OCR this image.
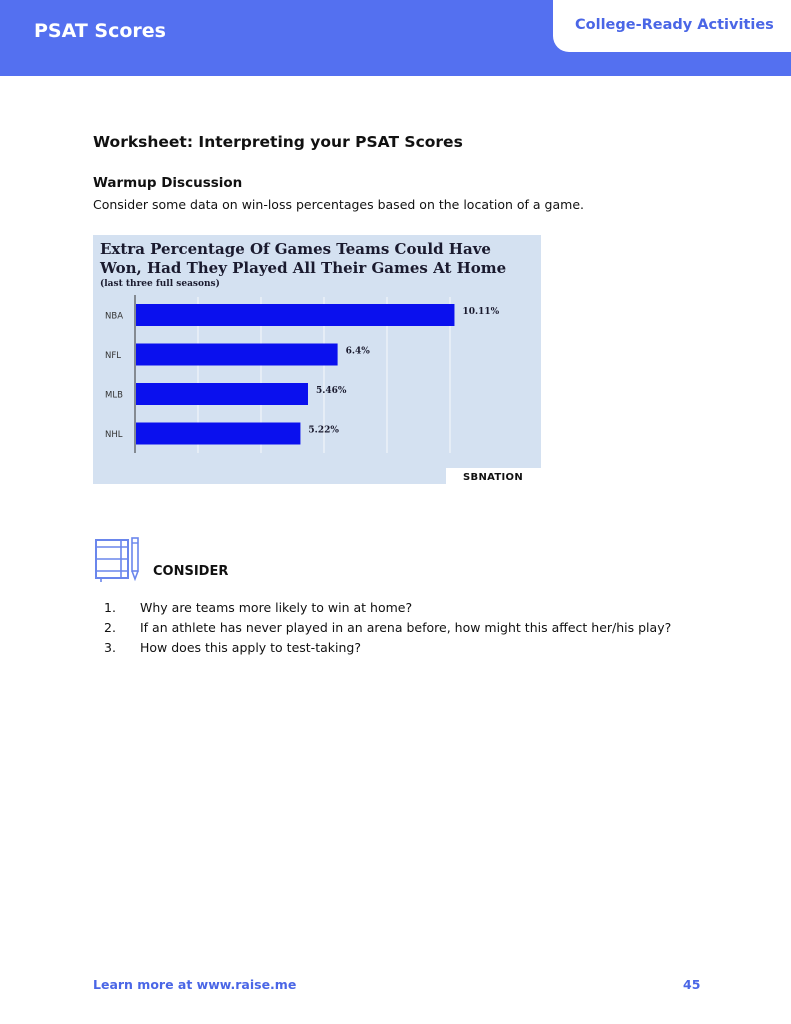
PSAT Scores	College-Ready Activities
Worksheet: Interpreting your PSAT Scores
Warmup Discussion
Consider some data on win-loss percentages based on the location of a game.
Extra Percentage Of Games Teams Could Have
Won, Had They Played All Their Games At Home
(last three full seasons)
NBA
NFL
MLB
NHL
10.11%
6.4%
5.46%
5.22%
SBNATION
CONSIDER
1.	Why are teams more likely to win at home?
2.	If an athlete has never played in an arena before, how might this affect her/his play?
3.	How does this apply to test-taking?
Learn more at www.raise.me	45
